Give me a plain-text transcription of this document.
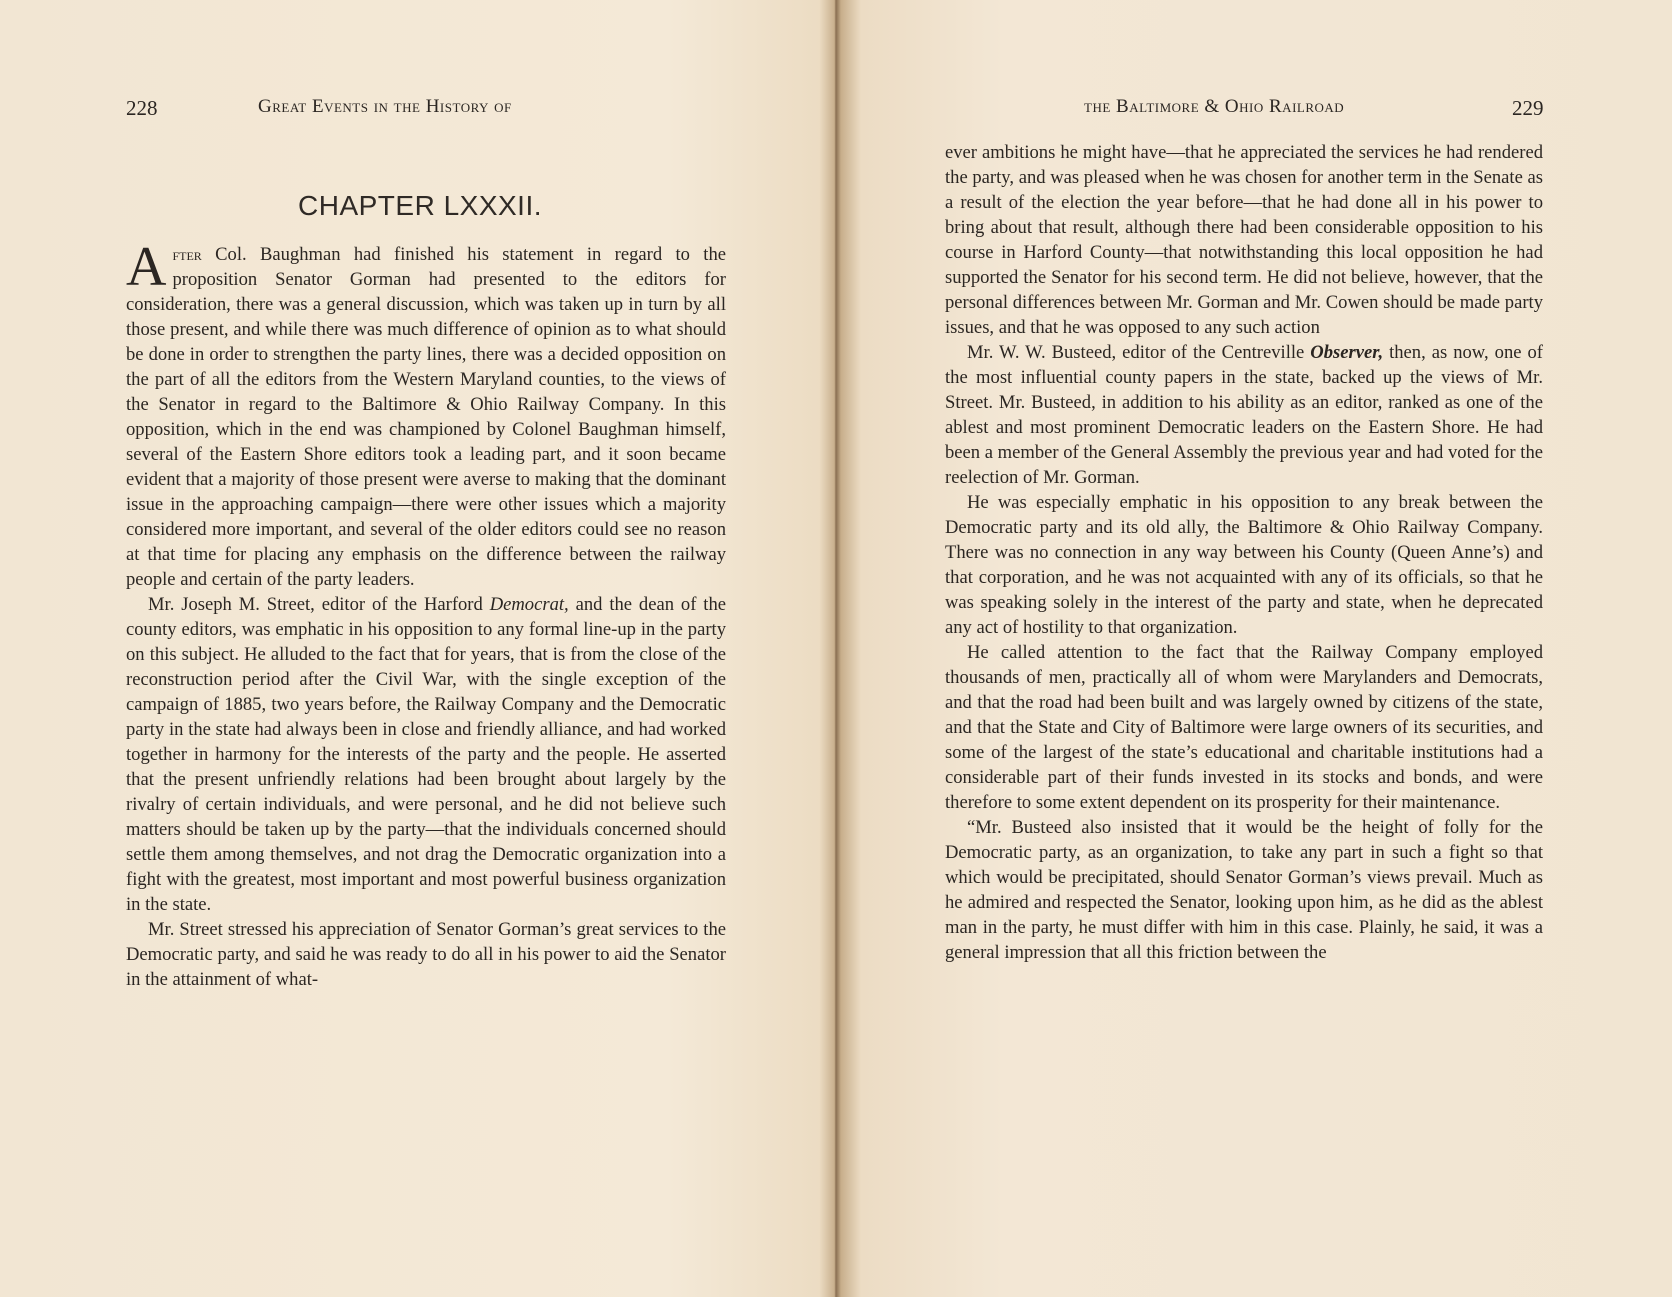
228	Great Events in the History of
CHAPTER LXXXII.

After Col. Baughman had finished his statement in regard to the proposition Senator Gorman had presented to the editors for consideration, there was a general discussion, which was taken up in turn by all those present, and while there was much difference of opinion as to what should be done in order to strengthen the party lines, there was a decided opposition on the part of all the editors from the Western Maryland counties, to the views of the Senator in regard to the Baltimore & Ohio Railway Company. In this opposition, which in the end was championed by Colonel Baughman himself, several of the Eastern Shore editors took a leading part, and it soon became evident that a majority of those present were averse to making that the dominant issue in the approaching campaign—there were other issues which a majority considered more important, and several of the older editors could see no reason at that time for placing any emphasis on the difference between the railway people and certain of the party leaders.

Mr. Joseph M. Street, editor of the Harford Democrat, and the dean of the county editors, was emphatic in his opposition to any formal line-up in the party on this subject. He alluded to the fact that for years, that is from the close of the reconstruction period after the Civil War, with the single exception of the campaign of 1885, two years before, the Railway Company and the Democratic party in the state had always been in close and friendly alliance, and had worked together in harmony for the interests of the party and the people. He asserted that the present unfriendly relations had been brought about largely by the rivalry of certain individuals, and were personal, and he did not believe such matters should be taken up by the party—that the individuals concerned should settle them among themselves, and not drag the Democratic organization into a fight with the greatest, most important and most powerful business organization in the state.

Mr. Street stressed his appreciation of Senator Gorman’s great services to the Democratic party, and said he was ready to do all in his power to aid the Senator in the attainment of what-

the Baltimore & Ohio Railroad	229

ever ambitions he might have—that he appreciated the services he had rendered the party, and was pleased when he was chosen for another term in the Senate as a result of the election the year before—that he had done all in his power to bring about that result, although there had been considerable opposition to his course in Harford County—that notwithstanding this local opposition he had supported the Senator for his second term. He did not believe, however, that the personal differences between Mr. Gorman and Mr. Cowen should be made party issues, and that he was opposed to any such action

Mr. W. W. Busteed, editor of the Centreville Observer, then, as now, one of the most influential county papers in the state, backed up the views of Mr. Street. Mr. Busteed, in addition to his ability as an editor, ranked as one of the ablest and most prominent Democratic leaders on the Eastern Shore. He had been a member of the General Assembly the previous year and had voted for the reelection of Mr. Gorman.

He was especially emphatic in his opposition to any break between the Democratic party and its old ally, the Baltimore & Ohio Railway Company. There was no connection in any way between his County (Queen Anne’s) and that corporation, and he was not acquainted with any of its officials, so that he was speaking solely in the interest of the party and state, when he deprecated any act of hostility to that organization.

He called attention to the fact that the Railway Company employed thousands of men, practically all of whom were Marylanders and Democrats, and that the road had been built and was largely owned by citizens of the state, and that the State and City of Baltimore were large owners of its securities, and some of the largest of the state’s educational and charitable institutions had a considerable part of their funds invested in its stocks and bonds, and were therefore to some extent dependent on its prosperity for their maintenance.

“Mr. Busteed also insisted that it would be the height of folly for the Democratic party, as an organization, to take any part in such a fight so that which would be precipitated, should Senator Gorman’s views prevail. Much as he admired and respected the Senator, looking upon him, as he did as the ablest man in the party, he must differ with him in this case. Plainly, he said, it was a general impression that all this friction between the
